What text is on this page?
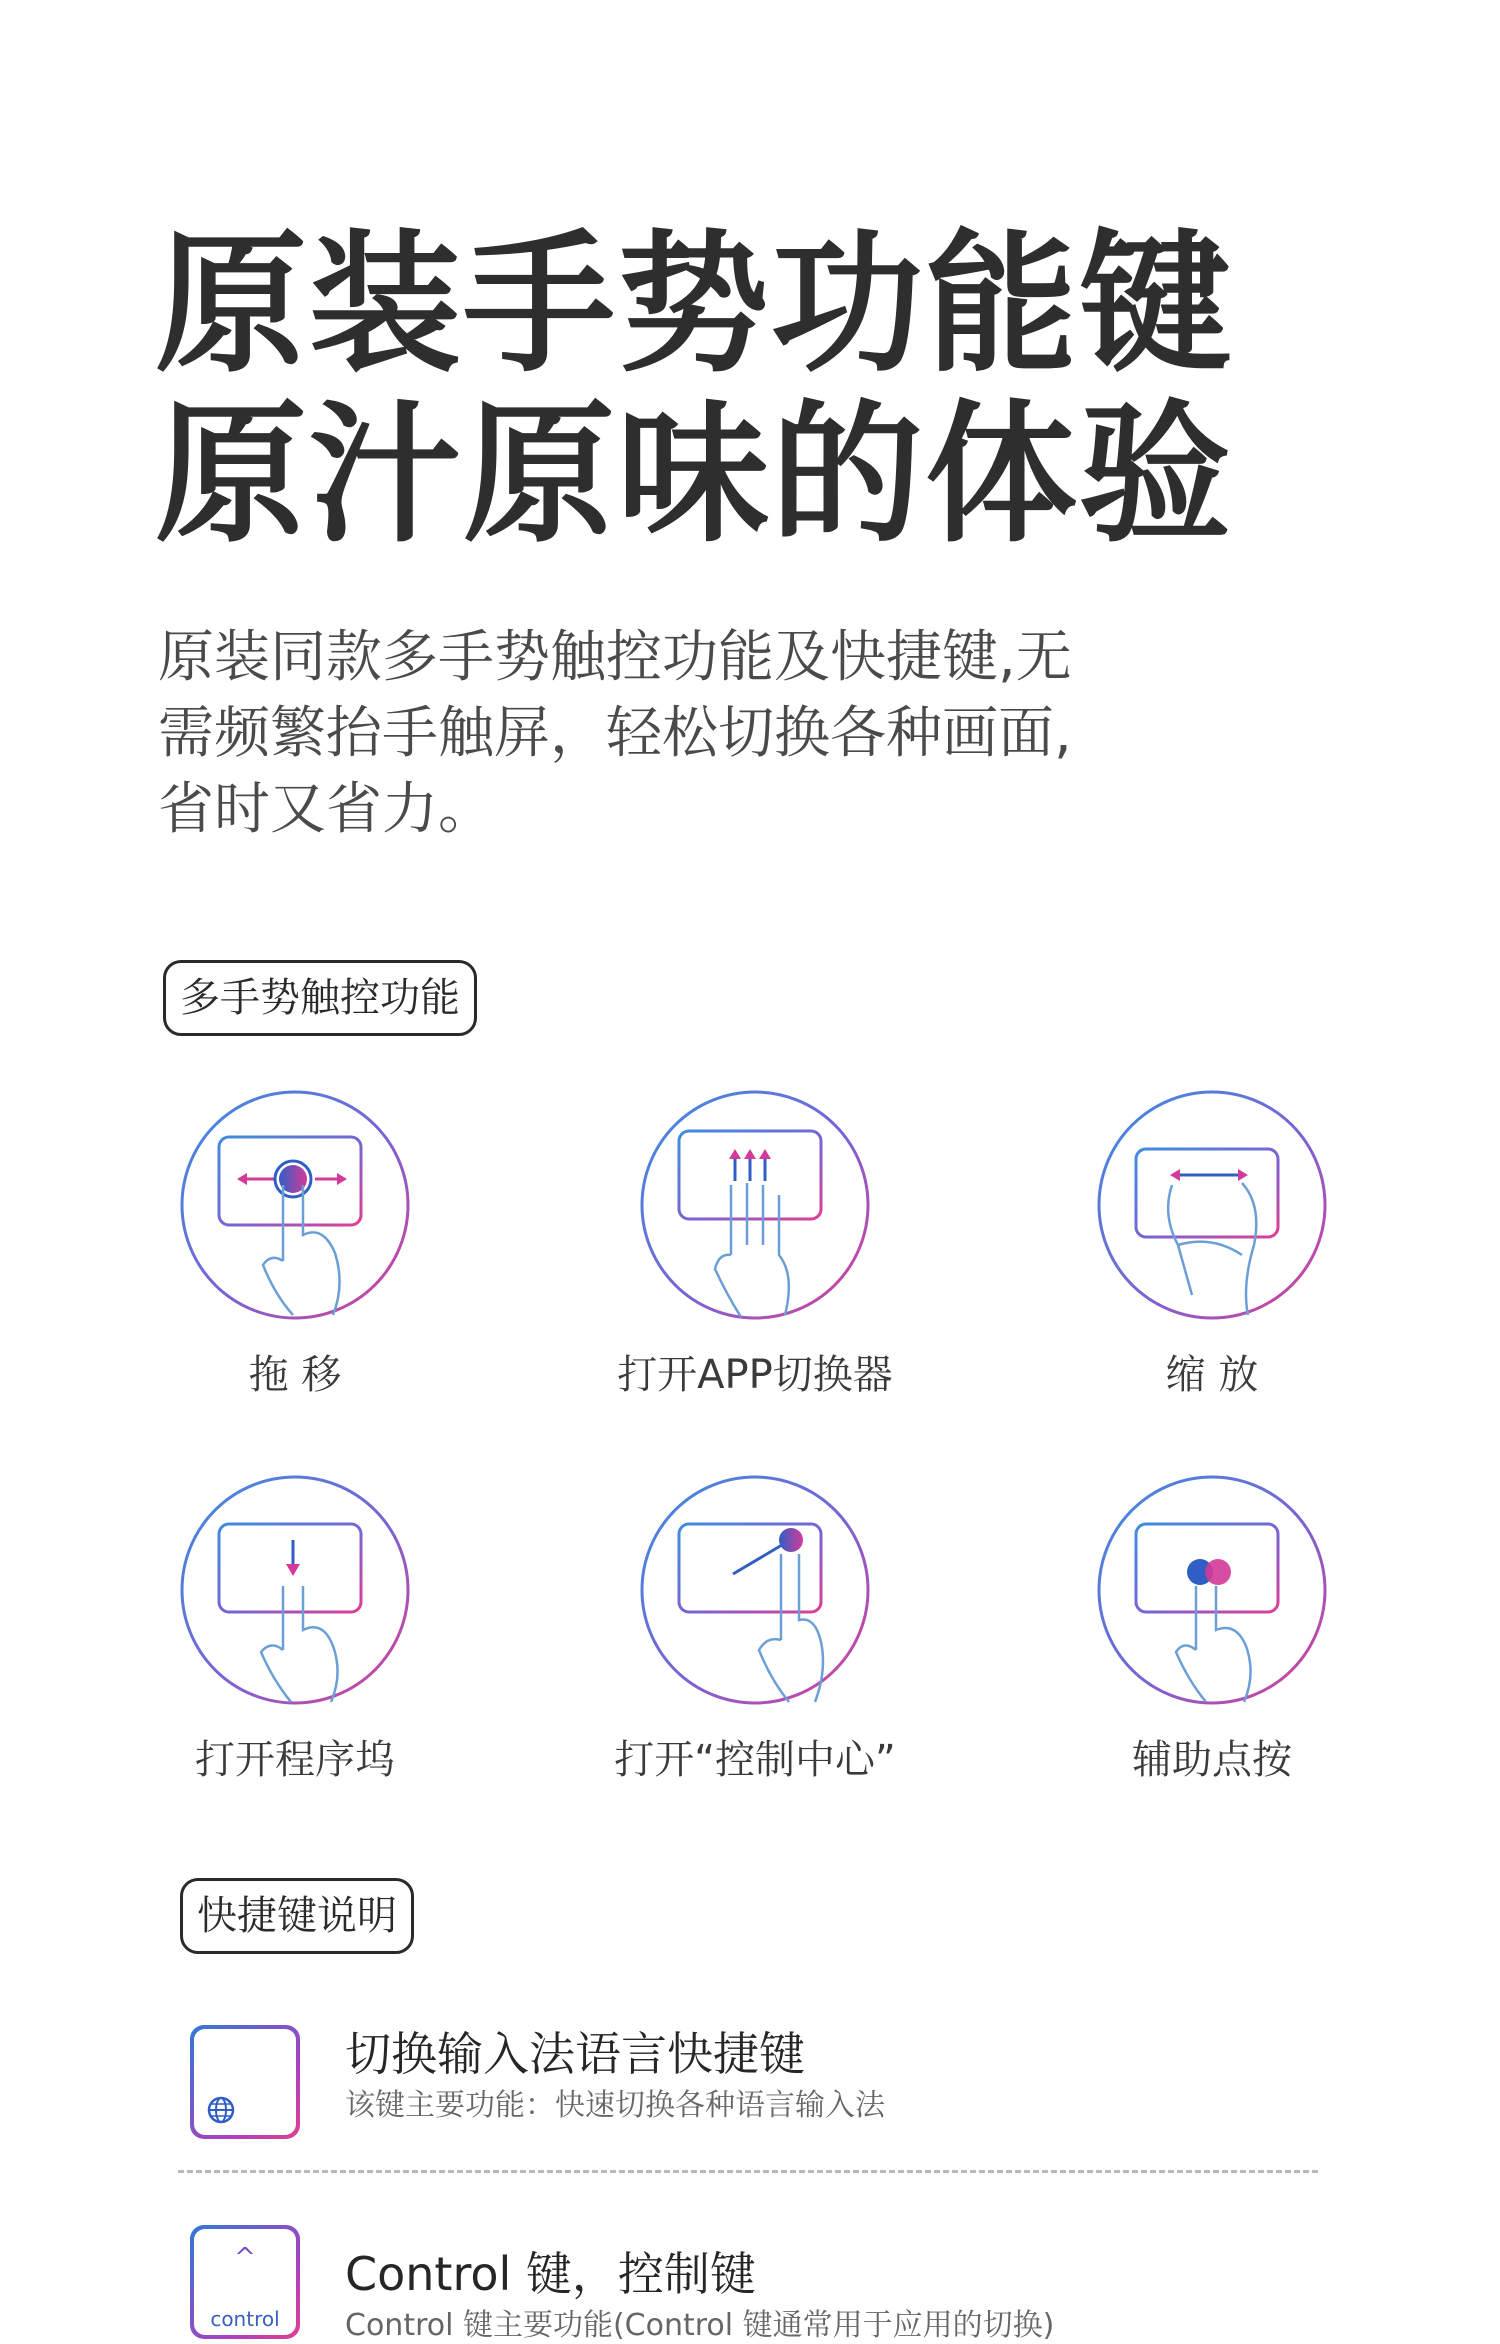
原装手势功能键
原汁原味的体验
原装同款多手势触控功能及快捷键,无
需频繁抬手触屏，轻松切换各种画面,
省时又省力。
多手势触控功能
拖 移	打开APP切换器	缩 放
打开程序坞	打开“控制中心”	辅助点按
快捷键说明
切换输入法语言快捷键
该键主要功能：快速切换各种语言输入法
^
control
Control 键，控制键
Control 键主要功能(Control 键通常用于应用的切换)
